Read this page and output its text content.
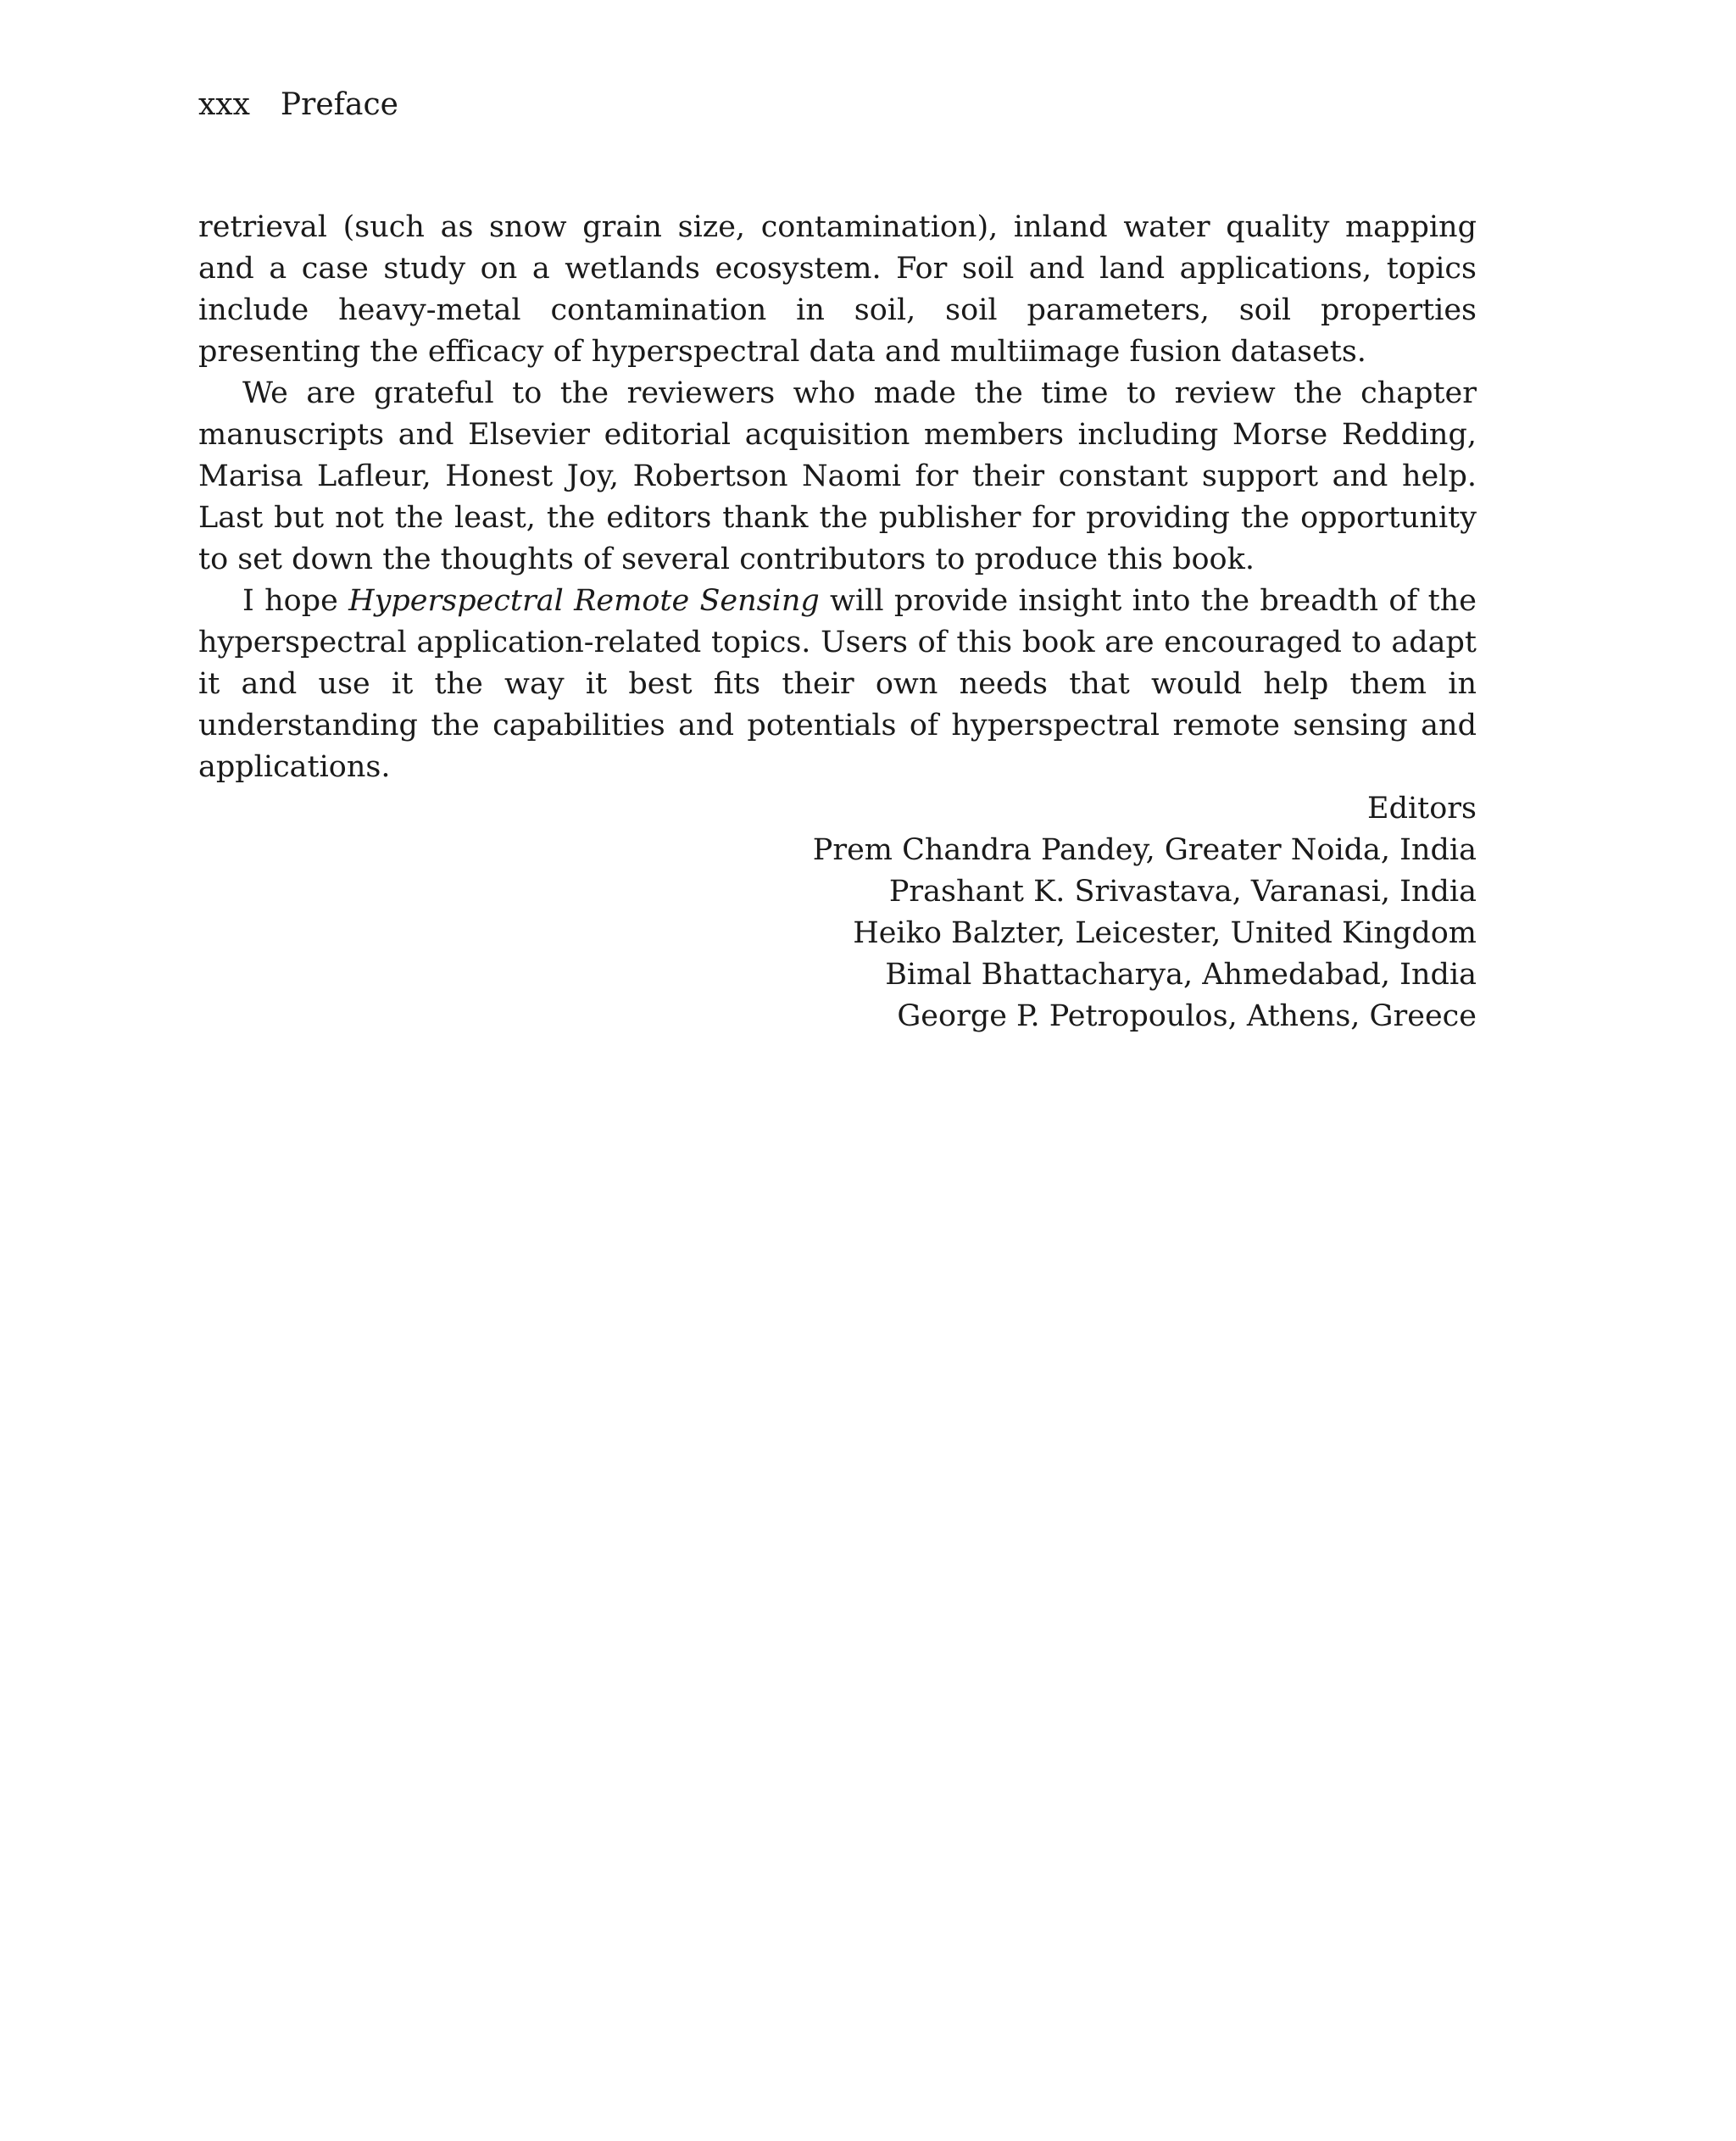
xxx Preface

retrieval (such as snow grain size, contamination), inland water quality mapping and a case study on a wetlands ecosystem. For soil and land applications, topics include heavy-metal contamination in soil, soil parameters, soil properties presenting the efficacy of hyperspectral data and multiimage fusion datasets.

We are grateful to the reviewers who made the time to review the chapter manuscripts and Elsevier editorial acquisition members including Morse Redding, Marisa Lafleur, Honest Joy, Robertson Naomi for their constant support and help. Last but not the least, the editors thank the publisher for providing the opportunity to set down the thoughts of several contributors to produce this book.

I hope Hyperspectral Remote Sensing will provide insight into the breadth of the hyperspectral application-related topics. Users of this book are encouraged to adapt it and use it the way it best fits their own needs that would help them in understanding the capabilities and potentials of hyperspectral remote sensing and applications.

Editors
Prem Chandra Pandey, Greater Noida, India
Prashant K. Srivastava, Varanasi, India
Heiko Balzter, Leicester, United Kingdom
Bimal Bhattacharya, Ahmedabad, India
George P. Petropoulos, Athens, Greece
